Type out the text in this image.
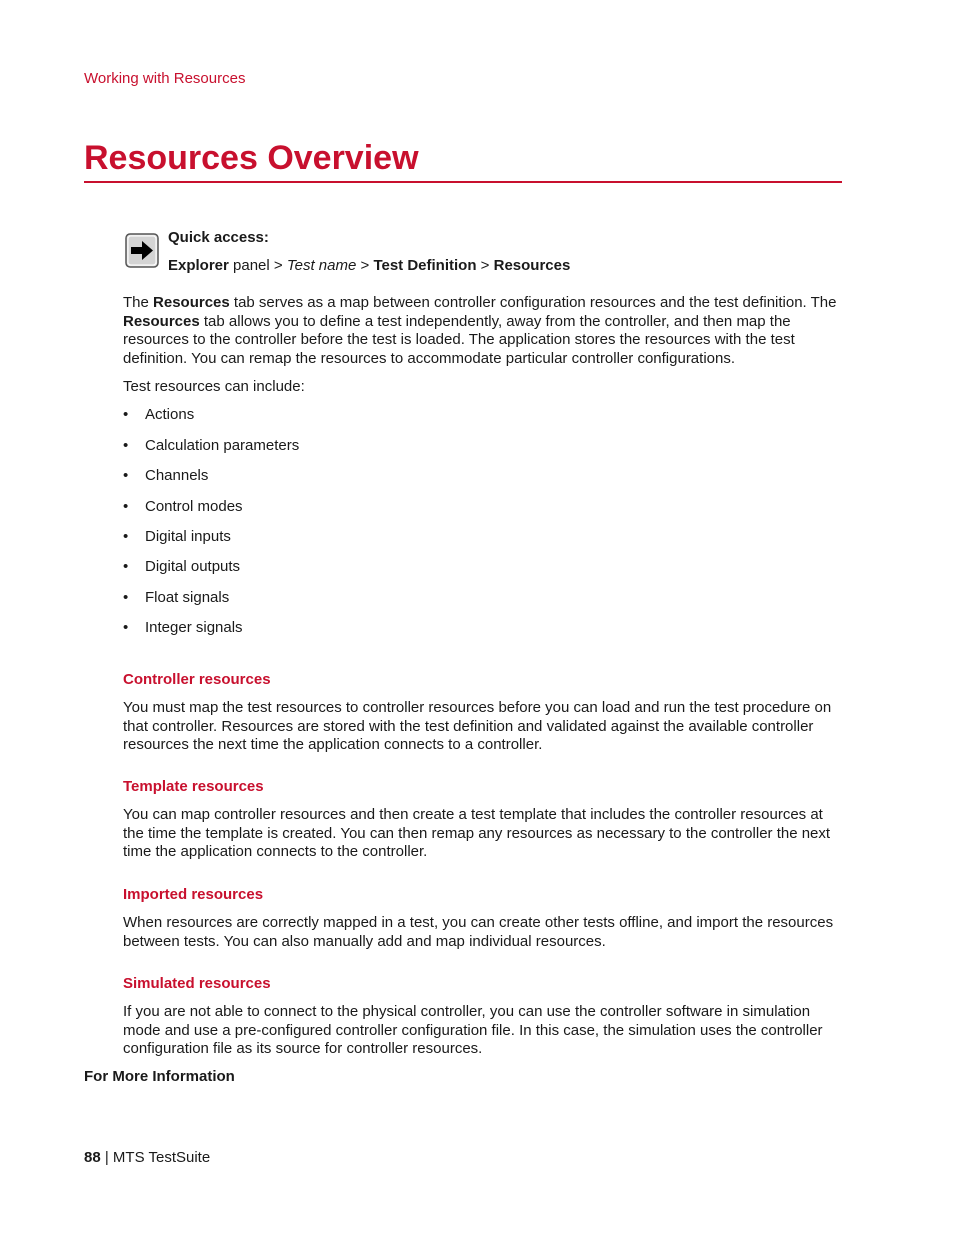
Working with Resources
Resources Overview
Quick access:
Explorer panel > Test name > Test Definition > Resources
The Resources tab serves as a map between controller configuration resources and the test definition. The Resources tab allows you to define a test independently, away from the controller, and then map the resources to the controller before the test is loaded. The application stores the resources with the test definition. You can remap the resources to accommodate particular controller configurations.
Test resources can include:
• Actions
• Calculation parameters
• Channels
• Control modes
• Digital inputs
• Digital outputs
• Float signals
• Integer signals
Controller resources
You must map the test resources to controller resources before you can load and run the test procedure on that controller. Resources are stored with the test definition and validated against the available controller resources the next time the application connects to a controller.
Template resources
You can map controller resources and then create a test template that includes the controller resources at the time the template is created. You can then remap any resources as necessary to the controller the next time the application connects to the controller.
Imported resources
When resources are correctly mapped in a test, you can create other tests offline, and import the resources between tests. You can also manually add and map individual resources.
Simulated resources
If you are not able to connect to the physical controller, you can use the controller software in simulation mode and use a pre-configured controller configuration file. In this case, the simulation uses the controller configuration file as its source for controller resources.
For More Information
88 | MTS TestSuite
